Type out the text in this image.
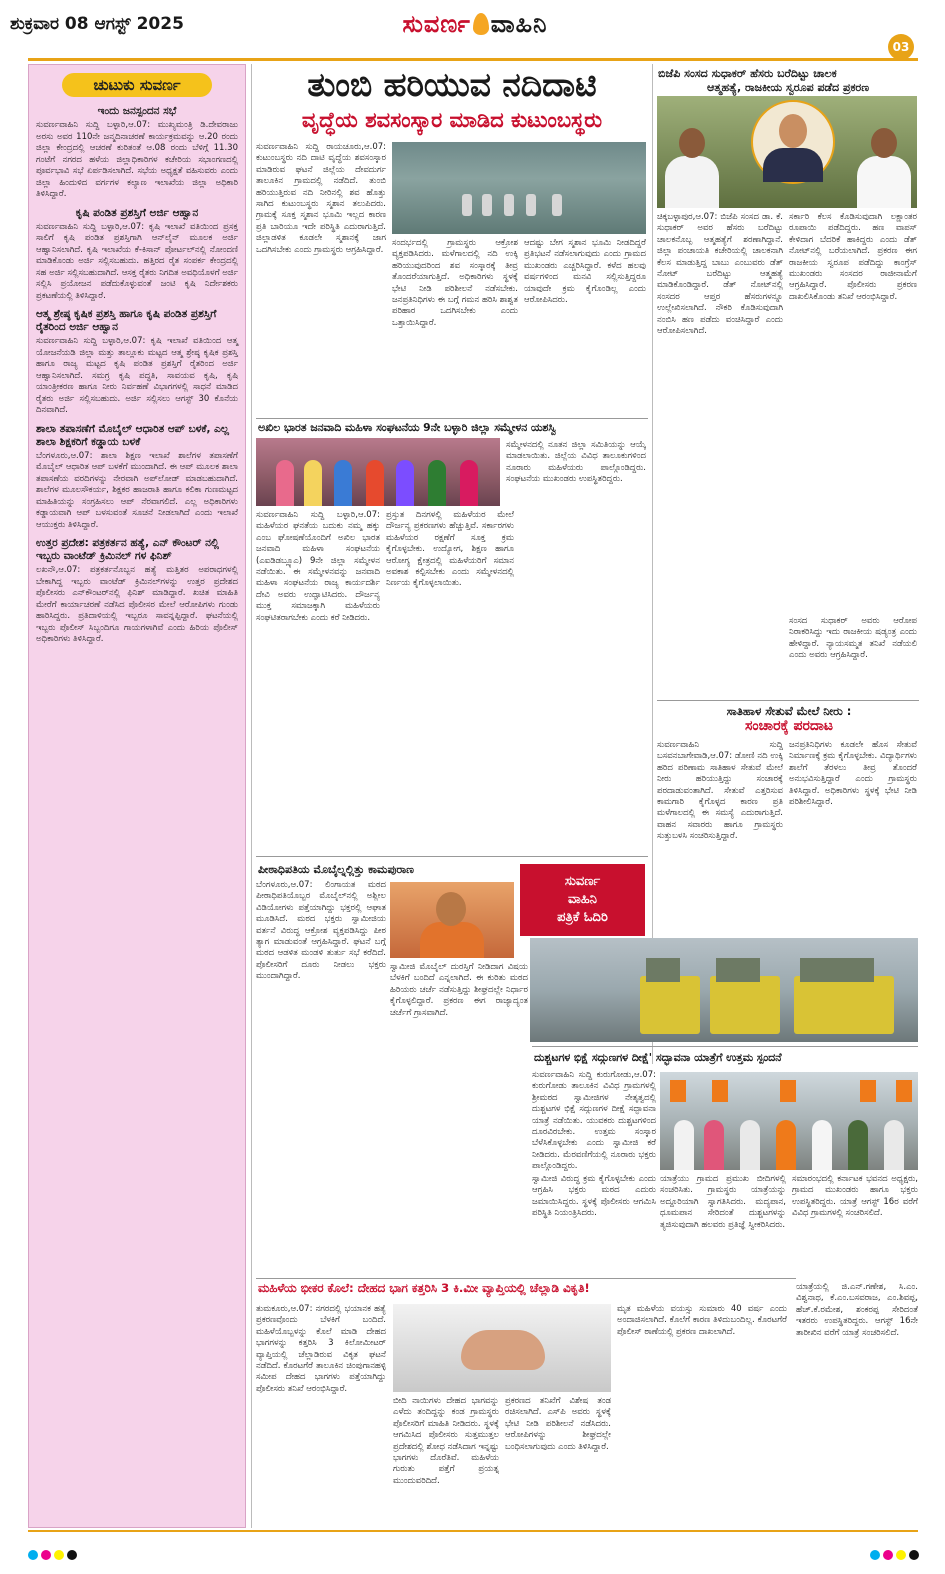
ಶುಕ್ರವಾರ 08 ಆಗಸ್ಟ್ 2025	ಸುವರ್ಣ ವಾಹಿನಿ
03
ಚುಟುಕು ಸುವರ್ಣ
ಇಂದು ಜನಸ್ಪಂದನ ಸಭೆ

ಸುವರ್ಣವಾಹಿನಿ ಸುದ್ದಿ ಬಳ್ಳಾರಿ,ಆ.07: ಮುಖ್ಯಮಂತ್ರಿ ಡಿ.ದೇವರಾಜು ಅರಸು ಅವರ 110ನೇ ಜನ್ಮದಿನಾಚರಣೆ ಕಾರ್ಯಕ್ರಮವನ್ನು ಆ.20 ರಂದು ಜಿಲ್ಲಾ ಕೇಂದ್ರದಲ್ಲಿ ಆಚರಣೆ ಕುರಿತಂತೆ ಆ.08 ರಂದು ಬೆಳಿಗ್ಗೆ 11.30 ಗಂಟೆಗೆ ನಗರದ ಹಳೆಯ ಜಿಲ್ಲಾಧಿಕಾರಿಗಳ ಕಚೇರಿಯ ಸಭಾಂಗಣದಲ್ಲಿ ಪೂರ್ವಭಾವಿ ಸಭೆ ಏರ್ಪಡಿಸಲಾಗಿದೆ. ಸಭೆಯ ಅಧ್ಯಕ್ಷತೆ ವಹಿಸುವರು ಎಂದು ಜಿಲ್ಲಾ ಹಿಂದುಳಿದ ವರ್ಗಗಳ ಕಲ್ಯಾಣ ಇಲಾಖೆಯ ಜಿಲ್ಲಾ ಅಧಿಕಾರಿ ತಿಳಿಸಿದ್ದಾರೆ.

ಕೃಷಿ ಪಂಡಿತ ಪ್ರಶಸ್ತಿಗೆ ಅರ್ಜಿ ಆಹ್ವಾನ

ಸುವರ್ಣವಾಹಿನಿ ಸುದ್ದಿ ಬಳ್ಳಾರಿ,ಆ.07: ಕೃಷಿ ಇಲಾಖೆ ವತಿಯಿಂದ ಪ್ರಸಕ್ತ ಸಾಲಿಗೆ ಕೃಷಿ ಪಂಡಿತ ಪ್ರಶಸ್ತಿಗಾಗಿ ಆನ್‌ಲೈನ್ ಮೂಲಕ ಅರ್ಜಿ ಆಹ್ವಾನಿಸಲಾಗಿದೆ. ಕೃಷಿ ಇಲಾಖೆಯ ಕೆ-ಕಿಸಾನ್ ಪೋರ್ಟಲ್‌ನಲ್ಲಿ ನೋಂದಣಿ ಮಾಡಿಕೊಂಡು ಅರ್ಜಿ ಸಲ್ಲಿಸಬಹುದು. ಹತ್ತಿರದ ರೈತ ಸಂಪರ್ಕ ಕೇಂದ್ರದಲ್ಲಿ ಸಹ ಅರ್ಜಿ ಸಲ್ಲಿಸಬಹುದಾಗಿದೆ. ಆಸಕ್ತ ರೈತರು ನಿಗದಿತ ಅವಧಿಯೊಳಗೆ ಅರ್ಜಿ ಸಲ್ಲಿಸಿ ಪ್ರಯೋಜನ ಪಡೆದುಕೊಳ್ಳುವಂತೆ ಜಂಟಿ ಕೃಷಿ ನಿರ್ದೇಶಕರು ಪ್ರಕಟಣೆಯಲ್ಲಿ ತಿಳಿಸಿದ್ದಾರೆ.

ಆತ್ಮ ಶ್ರೇಷ್ಠ ಕೃಷಿಕ ಪ್ರಶಸ್ತಿ ಹಾಗೂ ಕೃಷಿ ಪಂಡಿತ ಪ್ರಶಸ್ತಿಗೆ ರೈತರಿಂದ ಅರ್ಜಿ ಆಹ್ವಾನ

ಸುವರ್ಣವಾಹಿನಿ ಸುದ್ದಿ ಬಳ್ಳಾರಿ,ಆ.07: ಕೃಷಿ ಇಲಾಖೆ ವತಿಯಿಂದ ಆತ್ಮ ಯೋಜನೆಯಡಿ ಜಿಲ್ಲಾ ಮತ್ತು ತಾಲ್ಲೂಕು ಮಟ್ಟದ ಆತ್ಮ ಶ್ರೇಷ್ಠ ಕೃಷಿಕ ಪ್ರಶಸ್ತಿ ಹಾಗೂ ರಾಜ್ಯ ಮಟ್ಟದ ಕೃಷಿ ಪಂಡಿತ ಪ್ರಶಸ್ತಿಗೆ ರೈತರಿಂದ ಅರ್ಜಿ ಆಹ್ವಾನಿಸಲಾಗಿದೆ. ಸಮಗ್ರ ಕೃಷಿ ಪದ್ಧತಿ, ಸಾವಯವ ಕೃಷಿ, ಕೃಷಿ ಯಾಂತ್ರೀಕರಣ ಹಾಗೂ ನೀರು ನಿರ್ವಹಣೆ ವಿಭಾಗಗಳಲ್ಲಿ ಸಾಧನೆ ಮಾಡಿದ ರೈತರು ಅರ್ಜಿ ಸಲ್ಲಿಸಬಹುದು. ಅರ್ಜಿ ಸಲ್ಲಿಸಲು ಆಗಸ್ಟ್ 30 ಕೊನೆಯ ದಿನವಾಗಿದೆ.

ಶಾಲಾ ತಪಾಸಣೆಗೆ ಮೊಬೈಲ್ ಆಧಾರಿತ ಆಪ್ ಬಳಕೆ, ಎಲ್ಲ ಶಾಲಾ ಶಿಕ್ಷಕರಿಗೆ ಕಡ್ಡಾಯ ಬಳಕೆ

ಬೆಂಗಳೂರು,ಆ.07: ಶಾಲಾ ಶಿಕ್ಷಣ ಇಲಾಖೆ ಶಾಲೆಗಳ ತಪಾಸಣೆಗೆ ಮೊಬೈಲ್ ಆಧಾರಿತ ಆಪ್ ಬಳಕೆಗೆ ಮುಂದಾಗಿದೆ. ಈ ಆಪ್ ಮೂಲಕ ಶಾಲಾ ತಪಾಸಣೆಯ ವರದಿಗಳನ್ನು ನೇರವಾಗಿ ಅಪ್‌ಲೋಡ್ ಮಾಡಬಹುದಾಗಿದೆ. ಶಾಲೆಗಳ ಮೂಲಸೌಕರ್ಯ, ಶಿಕ್ಷಕರ ಹಾಜರಾತಿ ಹಾಗೂ ಕಲಿಕಾ ಗುಣಮಟ್ಟದ ಮಾಹಿತಿಯನ್ನು ಸಂಗ್ರಹಿಸಲು ಆಪ್ ನೆರವಾಗಲಿದೆ. ಎಲ್ಲ ಅಧಿಕಾರಿಗಳು ಕಡ್ಡಾಯವಾಗಿ ಆಪ್ ಬಳಸುವಂತೆ ಸೂಚನೆ ನೀಡಲಾಗಿದೆ ಎಂದು ಇಲಾಖೆ ಆಯುಕ್ತರು ತಿಳಿಸಿದ್ದಾರೆ.

ಉತ್ತರ ಪ್ರದೇಶ: ಪತ್ರಕರ್ತನ ಹತ್ಯೆ, ಎನ್ ಕೌಂಟರ್ ನಲ್ಲಿ ಇಬ್ಬರು ವಾಂಟೆಡ್ ಕ್ರಿಮಿನಲ್ ಗಳ ಫಿನಿಶ್

ಲಖನೌ,ಆ.07: ಪತ್ರಕರ್ತನೊಬ್ಬನ ಹತ್ಯೆ ಮತ್ತಿತರ ಅಪರಾಧಗಳಲ್ಲಿ ಬೇಕಾಗಿದ್ದ ಇಬ್ಬರು ವಾಂಟೆಡ್ ಕ್ರಿಮಿನಲ್‌ಗಳನ್ನು ಉತ್ತರ ಪ್ರದೇಶದ ಪೊಲೀಸರು ಎನ್‌ಕೌಂಟರ್‌ನಲ್ಲಿ ಫಿನಿಶ್ ಮಾಡಿದ್ದಾರೆ. ಖಚಿತ ಮಾಹಿತಿ ಮೇರೆಗೆ ಕಾರ್ಯಾಚರಣೆ ನಡೆಸಿದ ಪೊಲೀಸರ ಮೇಲೆ ಆರೋಪಿಗಳು ಗುಂಡು ಹಾರಿಸಿದ್ದರು. ಪ್ರತಿದಾಳಿಯಲ್ಲಿ ಇಬ್ಬರೂ ಸಾವನ್ನಪ್ಪಿದ್ದಾರೆ. ಘಟನೆಯಲ್ಲಿ ಇಬ್ಬರು ಪೊಲೀಸ್ ಸಿಬ್ಬಂದಿಗೂ ಗಾಯಗಳಾಗಿವೆ ಎಂದು ಹಿರಿಯ ಪೊಲೀಸ್ ಅಧಿಕಾರಿಗಳು ತಿಳಿಸಿದ್ದಾರೆ.

ತುಂಬಿ ಹರಿಯುವ ನದಿದಾಟಿ
ವೃದ್ಧೆಯ ಶವಸಂಸ್ಕಾರ ಮಾಡಿದ ಕುಟುಂಬಸ್ಥರು
ಸುವರ್ಣವಾಹಿನಿ ಸುದ್ದಿ ರಾಯಚೂರು,ಆ.07: ಕುಟುಂಬಸ್ಥರು ನದಿ ದಾಟಿ ವೃದ್ಧೆಯ ಶವಸಂಸ್ಕಾರ ಮಾಡಿರುವ ಘಟನೆ ಜಿಲ್ಲೆಯ ದೇವದುರ್ಗ ತಾಲೂಕಿನ ಗ್ರಾಮದಲ್ಲಿ ನಡೆದಿದೆ. ತುಂಬಿ ಹರಿಯುತ್ತಿರುವ ನದಿ ನೀರಿನಲ್ಲಿ ಶವ ಹೊತ್ತು ಸಾಗಿದ ಕುಟುಂಬಸ್ಥರು ಸ್ಮಶಾನ ತಲುಪಿದರು. ಗ್ರಾಮಕ್ಕೆ ಸೂಕ್ತ ಸ್ಮಶಾನ ಭೂಮಿ ಇಲ್ಲದ ಕಾರಣ ಪ್ರತಿ ಬಾರಿಯೂ ಇದೇ ಪರಿಸ್ಥಿತಿ ಎದುರಾಗುತ್ತಿದೆ. ಜಿಲ್ಲಾಡಳಿತ ಕೂಡಲೇ ಸ್ಮಶಾನಕ್ಕೆ ಜಾಗ ಒದಗಿಸಬೇಕು ಎಂದು ಗ್ರಾಮಸ್ಥರು ಆಗ್ರಹಿಸಿದ್ದಾರೆ.
ಸಂದರ್ಭದಲ್ಲಿ ಗ್ರಾಮಸ್ಥರು ಆಕ್ರೋಶ ವ್ಯಕ್ತಪಡಿಸಿದರು. ಮಳೆಗಾಲದಲ್ಲಿ ನದಿ ಉಕ್ಕಿ ಹರಿಯುವುದರಿಂದ ಶವ ಸಂಸ್ಕಾರಕ್ಕೆ ತೀವ್ರ ತೊಂದರೆಯಾಗುತ್ತಿದೆ. ಅಧಿಕಾರಿಗಳು ಸ್ಥಳಕ್ಕೆ ಭೇಟಿ ನೀಡಿ ಪರಿಶೀಲನೆ ನಡೆಸಬೇಕು. ಜನಪ್ರತಿನಿಧಿಗಳು ಈ ಬಗ್ಗೆ ಗಮನ ಹರಿಸಿ ಶಾಶ್ವತ ಪರಿಹಾರ ಒದಗಿಸಬೇಕು ಎಂದು ಒತ್ತಾಯಿಸಿದ್ದಾರೆ.
ಆದಷ್ಟು ಬೇಗ ಸ್ಮಶಾನ ಭೂಮಿ ನೀಡದಿದ್ದರೆ ಪ್ರತಿಭಟನೆ ನಡೆಸಲಾಗುವುದು ಎಂದು ಗ್ರಾಮದ ಮುಖಂಡರು ಎಚ್ಚರಿಸಿದ್ದಾರೆ. ಕಳೆದ ಹಲವು ವರ್ಷಗಳಿಂದ ಮನವಿ ಸಲ್ಲಿಸುತ್ತಿದ್ದರೂ ಯಾವುದೇ ಕ್ರಮ ಕೈಗೊಂಡಿಲ್ಲ ಎಂದು ಆರೋಪಿಸಿದರು.
ಅಖಿಲ ಭಾರತ ಜನವಾದಿ ಮಹಿಳಾ ಸಂಘಟನೆಯ 9ನೇ ಬಳ್ಳಾರಿ ಜಿಲ್ಲಾ ಸಮ್ಮೇಳನ ಯಶಸ್ವಿ
ಸುವರ್ಣವಾಹಿನಿ ಸುದ್ದಿ ಬಳ್ಳಾರಿ,ಆ.07: ಮಹಿಳೆಯರ ಘನತೆಯ ಬದುಕು ನಮ್ಮ ಹಕ್ಕು ಎಂಬ ಘೋಷಣೆಯೊಂದಿಗೆ ಅಖಿಲ ಭಾರತ ಜನವಾದಿ ಮಹಿಳಾ ಸಂಘಟನೆಯ (ಎಐಡಿಡಬ್ಲ್ಯೂಎ) 9ನೇ ಜಿಲ್ಲಾ ಸಮ್ಮೇಳನ ನಡೆಯಿತು. ಈ ಸಮ್ಮೇಳನವನ್ನು ಜನವಾದಿ ಮಹಿಳಾ ಸಂಘಟನೆಯ ರಾಜ್ಯ ಕಾರ್ಯದರ್ಶಿ ದೇವಿ ಅವರು ಉದ್ಘಾಟಿಸಿದರು. ದೌರ್ಜನ್ಯ ಮುಕ್ತ ಸಮಾಜಕ್ಕಾಗಿ ಮಹಿಳೆಯರು ಸಂಘಟಿತರಾಗಬೇಕು ಎಂದು ಕರೆ ನೀಡಿದರು.
ಪ್ರಸ್ತುತ ದಿನಗಳಲ್ಲಿ ಮಹಿಳೆಯರ ಮೇಲೆ ದೌರ್ಜನ್ಯ ಪ್ರಕರಣಗಳು ಹೆಚ್ಚುತ್ತಿವೆ. ಸರ್ಕಾರಗಳು ಮಹಿಳೆಯರ ರಕ್ಷಣೆಗೆ ಸೂಕ್ತ ಕ್ರಮ ಕೈಗೊಳ್ಳಬೇಕು. ಉದ್ಯೋಗ, ಶಿಕ್ಷಣ ಹಾಗೂ ಆರೋಗ್ಯ ಕ್ಷೇತ್ರದಲ್ಲಿ ಮಹಿಳೆಯರಿಗೆ ಸಮಾನ ಅವಕಾಶ ಕಲ್ಪಿಸಬೇಕು ಎಂದು ಸಮ್ಮೇಳನದಲ್ಲಿ ನಿರ್ಣಯ ಕೈಗೊಳ್ಳಲಾಯಿತು.
ಸಮ್ಮೇಳನದಲ್ಲಿ ನೂತನ ಜಿಲ್ಲಾ ಸಮಿತಿಯನ್ನು ಆಯ್ಕೆ ಮಾಡಲಾಯಿತು. ಜಿಲ್ಲೆಯ ವಿವಿಧ ತಾಲೂಕುಗಳಿಂದ ನೂರಾರು ಮಹಿಳೆಯರು ಪಾಲ್ಗೊಂಡಿದ್ದರು. ಸಂಘಟನೆಯ ಮುಖಂಡರು ಉಪಸ್ಥಿತರಿದ್ದರು.
ಪೀಠಾಧಿಪತಿಯ ಮೊಬೈಲ್ನಲ್ಲಿತ್ತು ಕಾಮಪುರಾಣ
ಬೆಂಗಳೂರು,ಆ.07: ಲಿಂಗಾಯತ ಮಠದ ಪೀಠಾಧಿಪತಿಯೊಬ್ಬರ ಮೊಬೈಲ್‌ನಲ್ಲಿ ಅಶ್ಲೀಲ ವಿಡಿಯೋಗಳು ಪತ್ತೆಯಾಗಿದ್ದು ಭಕ್ತರಲ್ಲಿ ಆಘಾತ ಮೂಡಿಸಿದೆ. ಮಠದ ಭಕ್ತರು ಸ್ವಾಮೀಜಿಯ ವರ್ತನೆ ವಿರುದ್ಧ ಆಕ್ರೋಶ ವ್ಯಕ್ತಪಡಿಸಿದ್ದು ಪೀಠ ತ್ಯಾಗ ಮಾಡುವಂತೆ ಆಗ್ರಹಿಸಿದ್ದಾರೆ. ಘಟನೆ ಬಗ್ಗೆ ಮಠದ ಆಡಳಿತ ಮಂಡಳಿ ತುರ್ತು ಸಭೆ ಕರೆದಿದೆ. ಪೊಲೀಸರಿಗೆ ದೂರು ನೀಡಲು ಭಕ್ತರು ಮುಂದಾಗಿದ್ದಾರೆ.
ಸ್ವಾಮೀಜಿ ಮೊಬೈಲ್ ದುರಸ್ತಿಗೆ ನೀಡಿದಾಗ ವಿಷಯ ಬೆಳಕಿಗೆ ಬಂದಿದೆ ಎನ್ನಲಾಗಿದೆ. ಈ ಕುರಿತು ಮಠದ ಹಿರಿಯರು ಚರ್ಚೆ ನಡೆಸುತ್ತಿದ್ದು ಶೀಘ್ರದಲ್ಲೇ ನಿರ್ಧಾರ ಕೈಗೊಳ್ಳಲಿದ್ದಾರೆ. ಪ್ರಕರಣ ಈಗ ರಾಜ್ಯಾದ್ಯಂತ ಚರ್ಚೆಗೆ ಗ್ರಾಸವಾಗಿದೆ.
ಸುವರ್ಣ
ವಾಹಿನಿ
ಪತ್ರಿಕೆ ಓದಿರಿ
ಸ್ವಾಮೀಜಿ ವಿರುದ್ಧ ಕ್ರಮ ಕೈಗೊಳ್ಳಬೇಕು ಎಂದು ಆಗ್ರಹಿಸಿ ಭಕ್ತರು ಮಠದ ಎದುರು ಜಮಾಯಿಸಿದ್ದರು. ಸ್ಥಳಕ್ಕೆ ಪೊಲೀಸರು ಆಗಮಿಸಿ ಪರಿಸ್ಥಿತಿ ನಿಯಂತ್ರಿಸಿದರು.
ಬಿಜೆಪಿ ಸಂಸದ ಸುಧಾಕರ್ ಹೆಸರು ಬರೆದಿಟ್ಟು ಚಾಲಕ
ಆತ್ಮಹತ್ಯೆ, ರಾಜಕೀಯ ಸ್ವರೂಪ ಪಡೆದ ಪ್ರಕರಣ
ಚಿಕ್ಕಬಳ್ಳಾಪುರ,ಆ.07: ಬಿಜೆಪಿ ಸಂಸದ ಡಾ. ಕೆ. ಸುಧಾಕರ್ ಅವರ ಹೆಸರು ಬರೆದಿಟ್ಟು ಚಾಲಕನೊಬ್ಬ ಆತ್ಮಹತ್ಯೆಗೆ ಶರಣಾಗಿದ್ದಾನೆ. ಜಿಲ್ಲಾ ಪಂಚಾಯತಿ ಕಚೇರಿಯಲ್ಲಿ ಚಾಲಕನಾಗಿ ಕೆಲಸ ಮಾಡುತ್ತಿದ್ದ ಬಾಬು ಎಂಬುವರು ಡೆತ್ ನೋಟ್ ಬರೆದಿಟ್ಟು ಆತ್ಮಹತ್ಯೆ ಮಾಡಿಕೊಂಡಿದ್ದಾರೆ. ಡೆತ್ ನೋಟ್‌ನಲ್ಲಿ ಸಂಸದರ ಆಪ್ತರ ಹೆಸರುಗಳನ್ನೂ ಉಲ್ಲೇಖಿಸಲಾಗಿದೆ. ನೌಕರಿ ಕೊಡಿಸುವುದಾಗಿ ನಂಬಿಸಿ ಹಣ ಪಡೆದು ವಂಚಿಸಿದ್ದಾರೆ ಎಂದು ಆರೋಪಿಸಲಾಗಿದೆ.
ಸರ್ಕಾರಿ ಕೆಲಸ ಕೊಡಿಸುವುದಾಗಿ ಲಕ್ಷಾಂತರ ರೂಪಾಯಿ ಪಡೆದಿದ್ದರು. ಹಣ ವಾಪಸ್ ಕೇಳಿದಾಗ ಬೆದರಿಕೆ ಹಾಕಿದ್ದರು ಎಂದು ಡೆತ್ ನೋಟ್‌ನಲ್ಲಿ ಬರೆಯಲಾಗಿದೆ. ಪ್ರಕರಣ ಈಗ ರಾಜಕೀಯ ಸ್ವರೂಪ ಪಡೆದಿದ್ದು ಕಾಂಗ್ರೆಸ್ ಮುಖಂಡರು ಸಂಸದರ ರಾಜೀನಾಮೆಗೆ ಆಗ್ರಹಿಸಿದ್ದಾರೆ. ಪೊಲೀಸರು ಪ್ರಕರಣ ದಾಖಲಿಸಿಕೊಂಡು ತನಿಖೆ ಆರಂಭಿಸಿದ್ದಾರೆ.
ಸಂಸದ ಸುಧಾಕರ್ ಅವರು ಆರೋಪ ನಿರಾಕರಿಸಿದ್ದು ಇದು ರಾಜಕೀಯ ಷಡ್ಯಂತ್ರ ಎಂದು ಹೇಳಿದ್ದಾರೆ. ನ್ಯಾಯಸಮ್ಮತ ತನಿಖೆ ನಡೆಯಲಿ ಎಂದು ಅವರು ಆಗ್ರಹಿಸಿದ್ದಾರೆ.
ಸಾತಿಹಾಳ ಸೇತುವೆ ಮೇಲೆ ನೀರು :
ಸಂಚಾರಕ್ಕೆ ಪರದಾಟ
ಸುವರ್ಣವಾಹಿನಿ ಸುದ್ದಿ ಬಸವನಬಾಗೇವಾಡಿ,ಆ.07: ಡೋಣಿ ನದಿ ಉಕ್ಕಿ ಹರಿದ ಪರಿಣಾಮ ಸಾತಿಹಾಳ ಸೇತುವೆ ಮೇಲೆ ನೀರು ಹರಿಯುತ್ತಿದ್ದು ಸಂಚಾರಕ್ಕೆ ಪರದಾಡುವಂತಾಗಿದೆ. ಸೇತುವೆ ಎತ್ತರಿಸುವ ಕಾಮಗಾರಿ ಕೈಗೊಳ್ಳದ ಕಾರಣ ಪ್ರತಿ ಮಳೆಗಾಲದಲ್ಲಿ ಈ ಸಮಸ್ಯೆ ಎದುರಾಗುತ್ತಿದೆ. ವಾಹನ ಸವಾರರು ಹಾಗೂ ಗ್ರಾಮಸ್ಥರು ಸುತ್ತುಬಳಸಿ ಸಂಚರಿಸುತ್ತಿದ್ದಾರೆ.
ಜನಪ್ರತಿನಿಧಿಗಳು ಕೂಡಲೇ ಹೊಸ ಸೇತುವೆ ನಿರ್ಮಾಣಕ್ಕೆ ಕ್ರಮ ಕೈಗೊಳ್ಳಬೇಕು. ವಿದ್ಯಾರ್ಥಿಗಳು ಶಾಲೆಗೆ ತೆರಳಲು ತೀವ್ರ ತೊಂದರೆ ಅನುಭವಿಸುತ್ತಿದ್ದಾರೆ ಎಂದು ಗ್ರಾಮಸ್ಥರು ತಿಳಿಸಿದ್ದಾರೆ. ಅಧಿಕಾರಿಗಳು ಸ್ಥಳಕ್ಕೆ ಭೇಟಿ ನೀಡಿ ಪರಿಶೀಲಿಸಿದ್ದಾರೆ.
ದುಶ್ಚಟಗಳ ಭಿಕ್ಷೆ ಸದ್ಗುಣಗಳ ದೀಕ್ಷೆ' ಸದ್ಭಾವನಾ ಯಾತ್ರೆಗೆ ಉತ್ತಮ ಸ್ಪಂದನೆ
ಸುವರ್ಣವಾಹಿನಿ ಸುದ್ದಿ ಕುರುಗೋಡು,ಆ.07: ಕುರುಗೋಡು ತಾಲೂಕಿನ ವಿವಿಧ ಗ್ರಾಮಗಳಲ್ಲಿ ಶ್ರೀಮಠದ ಸ್ವಾಮೀಜಿಗಳ ನೇತೃತ್ವದಲ್ಲಿ ದುಶ್ಚಟಗಳ ಭಿಕ್ಷೆ ಸದ್ಗುಣಗಳ ದೀಕ್ಷೆ ಸದ್ಭಾವನಾ ಯಾತ್ರೆ ನಡೆಯಿತು. ಯುವಕರು ದುಶ್ಚಟಗಳಿಂದ ದೂರವಿರಬೇಕು. ಉತ್ತಮ ಸಂಸ್ಕಾರ ಬೆಳೆಸಿಕೊಳ್ಳಬೇಕು ಎಂದು ಸ್ವಾಮೀಜಿ ಕರೆ ನೀಡಿದರು. ಮೆರವಣಿಗೆಯಲ್ಲಿ ನೂರಾರು ಭಕ್ತರು ಪಾಲ್ಗೊಂಡಿದ್ದರು.
ಯಾತ್ರೆಯು ಗ್ರಾಮದ ಪ್ರಮುಖ ಬೀದಿಗಳಲ್ಲಿ ಸಂಚರಿಸಿತು. ಗ್ರಾಮಸ್ಥರು ಯಾತ್ರೆಯನ್ನು ಅದ್ದೂರಿಯಾಗಿ ಸ್ವಾಗತಿಸಿದರು. ಮದ್ಯಪಾನ, ಧೂಮಪಾನ ಸೇರಿದಂತೆ ದುಶ್ಚಟಗಳನ್ನು ತ್ಯಜಿಸುವುದಾಗಿ ಹಲವರು ಪ್ರತಿಜ್ಞೆ ಸ್ವೀಕರಿಸಿದರು.
ಸಮಾರಂಭದಲ್ಲಿ ಕರ್ನಾಟಕ ಭವನದ ಅಧ್ಯಕ್ಷರು, ಗ್ರಾಮದ ಮುಖಂಡರು ಹಾಗೂ ಭಕ್ತರು ಉಪಸ್ಥಿತರಿದ್ದರು. ಯಾತ್ರೆ ಆಗಸ್ಟ್ 16ರ ವರೆಗೆ ವಿವಿಧ ಗ್ರಾಮಗಳಲ್ಲಿ ಸಂಚರಿಸಲಿದೆ.
ಮಹಿಳೆಯ ಭೀಕರ ಕೊಲೆ: ದೇಹದ ಭಾಗ ಕತ್ತರಿಸಿ 3 ಕಿ.ಮೀ ವ್ಯಾಪ್ತಿಯಲ್ಲಿ ಚೆಲ್ಲಾಡಿ ವಿಕೃತಿ!
ತುಮಕೂರು,ಆ.07: ನಗರದಲ್ಲಿ ಭಯಾನಕ ಹತ್ಯೆ ಪ್ರಕರಣವೊಂದು ಬೆಳಕಿಗೆ ಬಂದಿದೆ. ಮಹಿಳೆಯೊಬ್ಬಳನ್ನು ಕೊಲೆ ಮಾಡಿ ದೇಹದ ಭಾಗಗಳನ್ನು ಕತ್ತರಿಸಿ 3 ಕಿಲೋಮೀಟರ್ ವ್ಯಾಪ್ತಿಯಲ್ಲಿ ಚೆಲ್ಲಾಡಿರುವ ವಿಕೃತ ಘಟನೆ ನಡೆದಿದೆ. ಕೊರಟಗೆರೆ ತಾಲೂಕಿನ ಚಿಂಪುಗಾನಹಳ್ಳಿ ಸಮೀಪ ದೇಹದ ಭಾಗಗಳು ಪತ್ತೆಯಾಗಿದ್ದು ಪೊಲೀಸರು ತನಿಖೆ ಆರಂಭಿಸಿದ್ದಾರೆ.
ಬೀದಿ ನಾಯಿಗಳು ದೇಹದ ಭಾಗವನ್ನು ಎಳೆದು ತಂದಿದ್ದನ್ನು ಕಂಡ ಗ್ರಾಮಸ್ಥರು ಪೊಲೀಸರಿಗೆ ಮಾಹಿತಿ ನೀಡಿದರು. ಸ್ಥಳಕ್ಕೆ ಆಗಮಿಸಿದ ಪೊಲೀಸರು ಸುತ್ತಮುತ್ತಲ ಪ್ರದೇಶದಲ್ಲಿ ಶೋಧ ನಡೆಸಿದಾಗ ಇನ್ನಷ್ಟು ಭಾಗಗಳು ದೊರೆತಿವೆ. ಮಹಿಳೆಯ ಗುರುತು ಪತ್ತೆಗೆ ಪ್ರಯತ್ನ ಮುಂದುವರಿದಿದೆ.
ಪ್ರಕರಣದ ತನಿಖೆಗೆ ವಿಶೇಷ ತಂಡ ರಚಿಸಲಾಗಿದೆ. ಎಸ್‌ಪಿ ಅವರು ಸ್ಥಳಕ್ಕೆ ಭೇಟಿ ನೀಡಿ ಪರಿಶೀಲನೆ ನಡೆಸಿದರು. ಆರೋಪಿಗಳನ್ನು ಶೀಘ್ರದಲ್ಲೇ ಬಂಧಿಸಲಾಗುವುದು ಎಂದು ತಿಳಿಸಿದ್ದಾರೆ.
ಮೃತ ಮಹಿಳೆಯ ವಯಸ್ಸು ಸುಮಾರು 40 ವರ್ಷ ಎಂದು ಅಂದಾಜಿಸಲಾಗಿದೆ. ಕೊಲೆಗೆ ಕಾರಣ ತಿಳಿದುಬಂದಿಲ್ಲ. ಕೊರಟಗೆರೆ ಪೊಲೀಸ್ ಠಾಣೆಯಲ್ಲಿ ಪ್ರಕರಣ ದಾಖಲಾಗಿದೆ.
ಯಾತ್ರೆಯಲ್ಲಿ ಜಿ.ಎನ್.ಗಣೇಶ, ಸಿ.ಎಂ. ವಿಶ್ವನಾಥ, ಕೆ.ಎಂ.ಬಸವರಾಜ, ಎಂ.ಶಿವಪ್ಪ, ಹೆಚ್.ಕೆ.ರಮೇಶ, ಶಂಕರಪ್ಪ ಸೇರಿದಂತೆ ಇತರರು ಉಪಸ್ಥಿತರಿದ್ದರು. ಆಗಸ್ಟ್ 16ನೇ ತಾರೀಖಿನ ವರೆಗೆ ಯಾತ್ರೆ ಸಂಚರಿಸಲಿದೆ.
